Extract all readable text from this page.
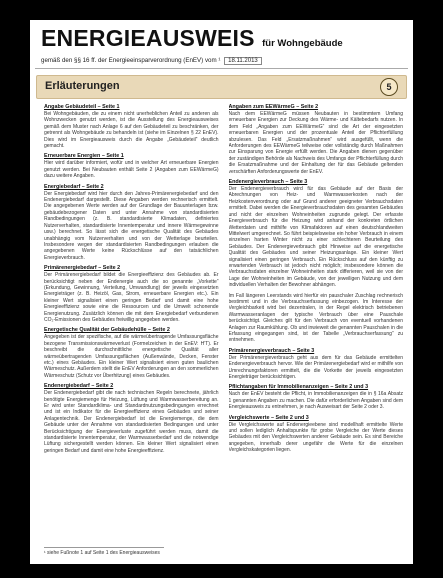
ENERGIEAUSWEIS für Wohngebäude
gemäß den §§ 16 ff. der Energieeinsparverordnung (EnEV) vom ¹ 18.11.2013
Erläuterungen	5
Angabe Gebäudeteil – Seite 1

Bei Wohngebäuden, die zu einem nicht unerheblichen Anteil zu anderen als Wohnzwecken genutzt werden, ist die Ausstellung des Energieausweises gemäß dem Muster nach Anlage 6 auf den Gebäudeteil zu beschränken, der getrennt als Wohngebäude zu behandeln ist (siehe im Einzelnen § 22 EnEV). Dies wird im Energieausweis durch die Angabe „Gebäudeteil“ deutlich gemacht.

Erneuerbare Energien – Seite 1

Hier wird darüber informiert, wofür und in welcher Art erneuerbare Energien genutzt werden. Bei Neubauten enthält Seite 2 (Angaben zum EEWärmeG) dazu weitere Angaben.

Energiebedarf – Seite 2

Der Energiebedarf wird hier durch den Jahres-Primärenergiebedarf und den Endenergiebedarf dargestellt. Diese Angaben werden rechnerisch ermittelt. Die angegebenen Werte werden auf der Grundlage der Bauunterlagen bzw. gebäudebezogener Daten und unter Annahme von standardisierten Randbedingungen (z. B. standardisierte Klimadaten, definiertes Nutzerverhalten, standardisierte Innentemperatur und innere Wärmegewinne usw.) berechnet. So lässt sich die energetische Qualität des Gebäudes unabhängig vom Nutzerverhalten und von der Wetterlage beurteilen. Insbesondere wegen der standardisierten Randbedingungen erlauben die angegebenen Werte keine Rückschlüsse auf den tatsächlichen Energieverbrauch.

Primärenergiebedarf – Seite 2

Der Primärenergiebedarf bildet die Energieeffizienz des Gebäudes ab. Er berücksichtigt neben der Endenergie auch die so genannte „Vorkette“ (Erkundung, Gewinnung, Verteilung, Umwandlung) der jeweils eingesetzten Energieträger (z. B. Heizöl, Gas, Strom, erneuerbare Energien etc.). Ein kleiner Wert signalisiert einen geringen Bedarf und damit eine hohe Energieeffizienz sowie eine die Ressourcen und die Umwelt schonende Energienutzung. Zusätzlich können die mit dem Energiebedarf verbundenen CO₂-Emissionen des Gebäudes freiwillig angegeben werden.

Energetische Qualität der Gebäudehülle – Seite 2

Angegeben ist der spezifische, auf die wärmeübertragende Umfassungsfläche bezogene Transmissionswärmeverlust (Formelzeichen in der EnEV: H′T). Er beschreibt die durchschnittliche energetische Qualität aller wärmeübertragenden Umfassungsflächen (Außenwände, Decken, Fenster etc.) eines Gebäudes. Ein kleiner Wert signalisiert einen guten baulichen Wärmeschutz. Außerdem stellt die EnEV Anforderungen an den sommerlichen Wärmeschutz (Schutz vor Überhitzung) eines Gebäudes.

Endenergiebedarf – Seite 2

Der Endenergiebedarf gibt die nach technischen Regeln berechnete, jährlich benötigte Energiemenge für Heizung, Lüftung und Warmwasserbereitung an. Er wird unter Standardklima- und Standardnutzungsbedingungen errechnet und ist ein Indikator für die Energieeffizienz eines Gebäudes und seiner Anlagentechnik. Der Endenergiebedarf ist die Energiemenge, die dem Gebäude unter der Annahme von standardisierten Bedingungen und unter Berücksichtigung der Energieverluste zugeführt werden muss, damit die standardisierte Innentemperatur, der Warmwasserbedarf und die notwendige Lüftung sichergestellt werden können. Ein kleiner Wert signalisiert einen geringen Bedarf und damit eine hohe Energieeffizienz.

Angaben zum EEWärmeG – Seite 2

Nach dem EEWärmeG müssen Neubauten in bestimmtem Umfang erneuerbare Energien zur Deckung des Wärme- und Kältebedarfs nutzen. In dem Feld „Angaben zum EEWärmeG“ sind die Art der eingesetzten erneuerbaren Energien und der prozentuale Anteil der Pflichterfüllung abzulesen. Das Feld „Ersatzmaßnahmen“ wird ausgefüllt, wenn die Anforderungen des EEWärmeG teilweise oder vollständig durch Maßnahmen zur Einsparung von Energie erfüllt werden. Die Angaben dienen gegenüber der zuständigen Behörde als Nachweis des Umfangs der Pflichterfüllung durch die Ersatzmaßnahme und der Einhaltung der für das Gebäude geltenden verschärften Anforderungswerte der EnEV.

Endenergieverbrauch – Seite 3

Der Endenergieverbrauch wird für das Gebäude auf der Basis der Abrechnungen von Heiz- und Warmwasserkosten nach der Heizkostenverordnung oder auf Grund anderer geeigneter Verbrauchsdaten ermittelt. Dabei werden die Energieverbrauchsdaten des gesamten Gebäudes und nicht der einzelnen Wohneinheiten zugrunde gelegt. Der erfasste Energieverbrauch für die Heizung wird anhand der konkreten örtlichen Wetterdaten und mithilfe von Klimafaktoren auf einen deutschlandweiten Mittelwert umgerechnet. So führt beispielsweise ein hoher Verbrauch in einem einzelnen harten Winter nicht zu einer schlechteren Beurteilung des Gebäudes. Der Endenergieverbrauch gibt Hinweise auf die energetische Qualität des Gebäudes und seiner Heizungsanlage. Ein kleiner Wert signalisiert einen geringen Verbrauch. Ein Rückschluss auf den künftig zu erwartenden Verbrauch ist jedoch nicht möglich; insbesondere können die Verbrauchsdaten einzelner Wohneinheiten stark differieren, weil sie von der Lage der Wohneinheiten im Gebäude, von der jeweiligen Nutzung und dem individuellen Verhalten der Bewohner abhängen.

Im Fall längeren Leerstands wird hierfür ein pauschaler Zuschlag rechnerisch bestimmt und in die Verbrauchserfassung einbezogen. Im Interesse der Vergleichbarkeit wird bei dezentralen, in der Regel elektrisch betriebenen Warmwasseranlagen der typische Verbrauch über eine Pauschale berücksichtigt. Gleiches gilt für den Verbrauch von eventuell vorhandenen Anlagen zur Raumkühlung. Ob und inwieweit die genannten Pauschalen in die Erfassung eingegangen sind, ist der Tabelle „Verbrauchserfassung“ zu entnehmen.

Primärenergieverbrauch – Seite 3

Der Primärenergieverbrauch geht aus dem für das Gebäude ermittelten Endenergieverbrauch hervor. Wie der Primärenergiebedarf wird er mithilfe von Umrechnungsfaktoren ermittelt, die die Vorkette der jeweils eingesetzten Energieträger berücksichtigen.

Pflichtangaben für Immobilienanzeigen – Seite 2 und 3

Nach der EnEV besteht die Pflicht, in Immobilienanzeigen die in § 16a Absatz 1 genannten Angaben zu machen. Die dafür erforderlichen Angaben sind dem Energieausweis zu entnehmen, je nach Ausweisart der Seite 2 oder 3.

Vergleichswerte – Seite 2 und 3

Die Vergleichswerte auf Endenergieebene sind modellhaft ermittelte Werte und sollen lediglich Anhaltspunkte für grobe Vergleiche der Werte dieses Gebäudes mit den Vergleichswerten anderer Gebäude sein. Es sind Bereiche angegeben, innerhalb derer ungefähr die Werte für die einzelnen Vergleichskategorien liegen.

¹ siehe Fußnote 1 auf Seite 1 des Energieausweises
